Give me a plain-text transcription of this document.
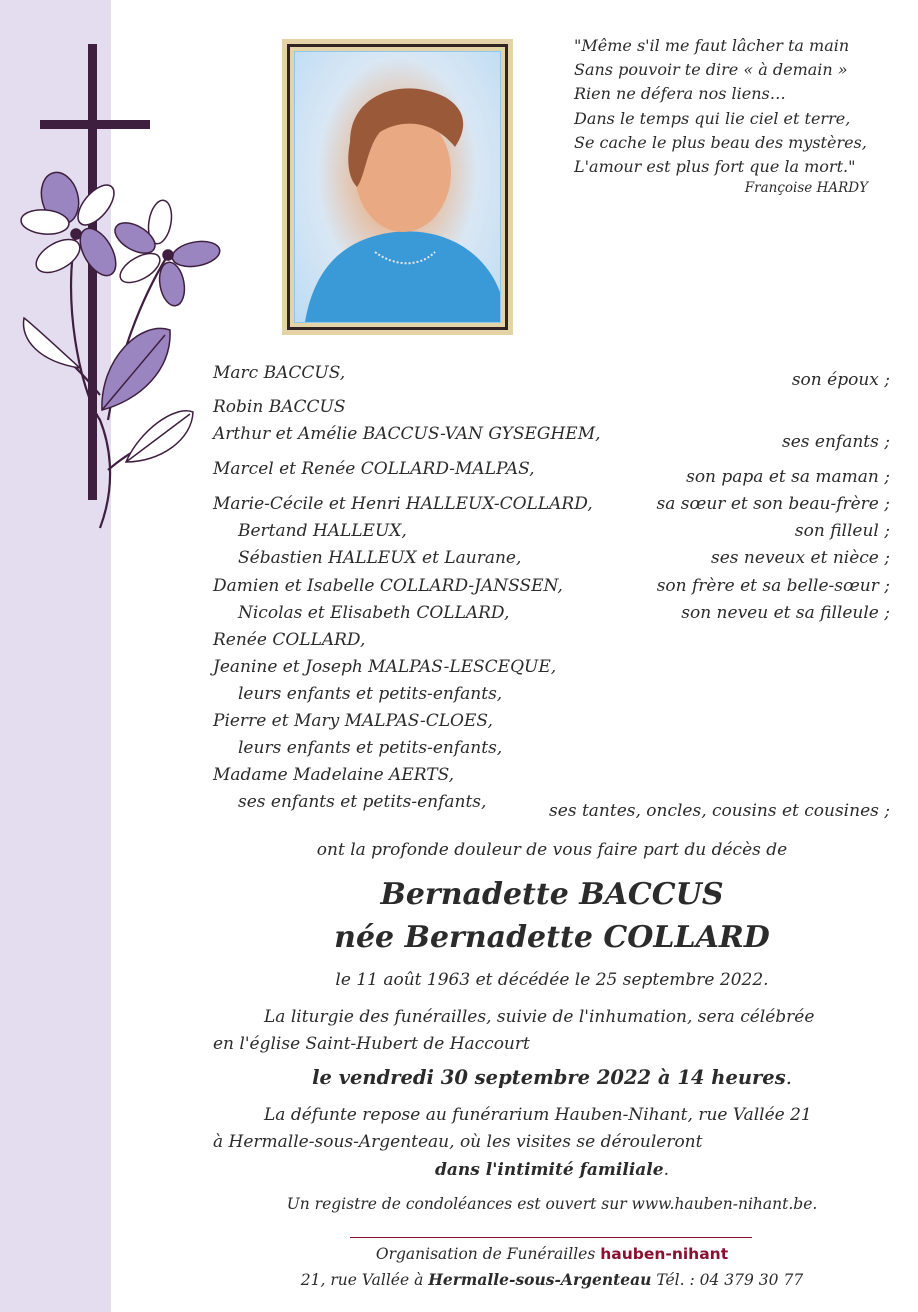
"Même s'il me faut lâcher ta main
Sans pouvoir te dire « à demain »
Rien ne défera nos liens…
Dans le temps qui lie ciel et terre,
Se cache le plus beau des mystères,
L'amour est plus fort que la mort."
Françoise HARDY
Marc BACCUS,
Robin BACCUS
Arthur et Amélie BACCUS-VAN GYSEGHEM,
Marcel et Renée COLLARD-MALPAS,
Marie-Cécile et Henri HALLEUX-COLLARD,
Bertand HALLEUX,
Sébastien HALLEUX et Laurane,
Damien et Isabelle COLLARD-JANSSEN,
Nicolas et Elisabeth COLLARD,
Renée COLLARD,
Jeanine et Joseph MALPAS-LESCEQUE,
leurs enfants et petits-enfants,
Pierre et Mary MALPAS-CLOES,
leurs enfants et petits-enfants,
Madame Madelaine AERTS,
ses enfants et petits-enfants,
son époux ;
ses enfants ;
son papa et sa maman ;
sa sœur et son beau-frère ;
son filleul ;
ses neveux et nièce ;
son frère et sa belle-sœur ;
son neveu et sa filleule ;
ses tantes, oncles, cousins et cousines ;
ont la profonde douleur de vous faire part du décès de
Bernadette BACCUS
née Bernadette COLLARD
le 11 août 1963 et décédée le 25 septembre 2022.
La liturgie des funérailles, suivie de l'inhumation, sera célébrée
en l'église Saint-Hubert de Haccourt
le vendredi 30 septembre 2022 à 14 heures.
La défunte repose au funérarium Hauben-Nihant, rue Vallée 21
à Hermalle-sous-Argenteau, où les visites se dérouleront
dans l'intimité familiale.
Un registre de condoléances est ouvert sur www.hauben-nihant.be.
Organisation de Funérailles hauben-nihant
21, rue Vallée à Hermalle-sous-Argenteau Tél. : 04 379 30 77
